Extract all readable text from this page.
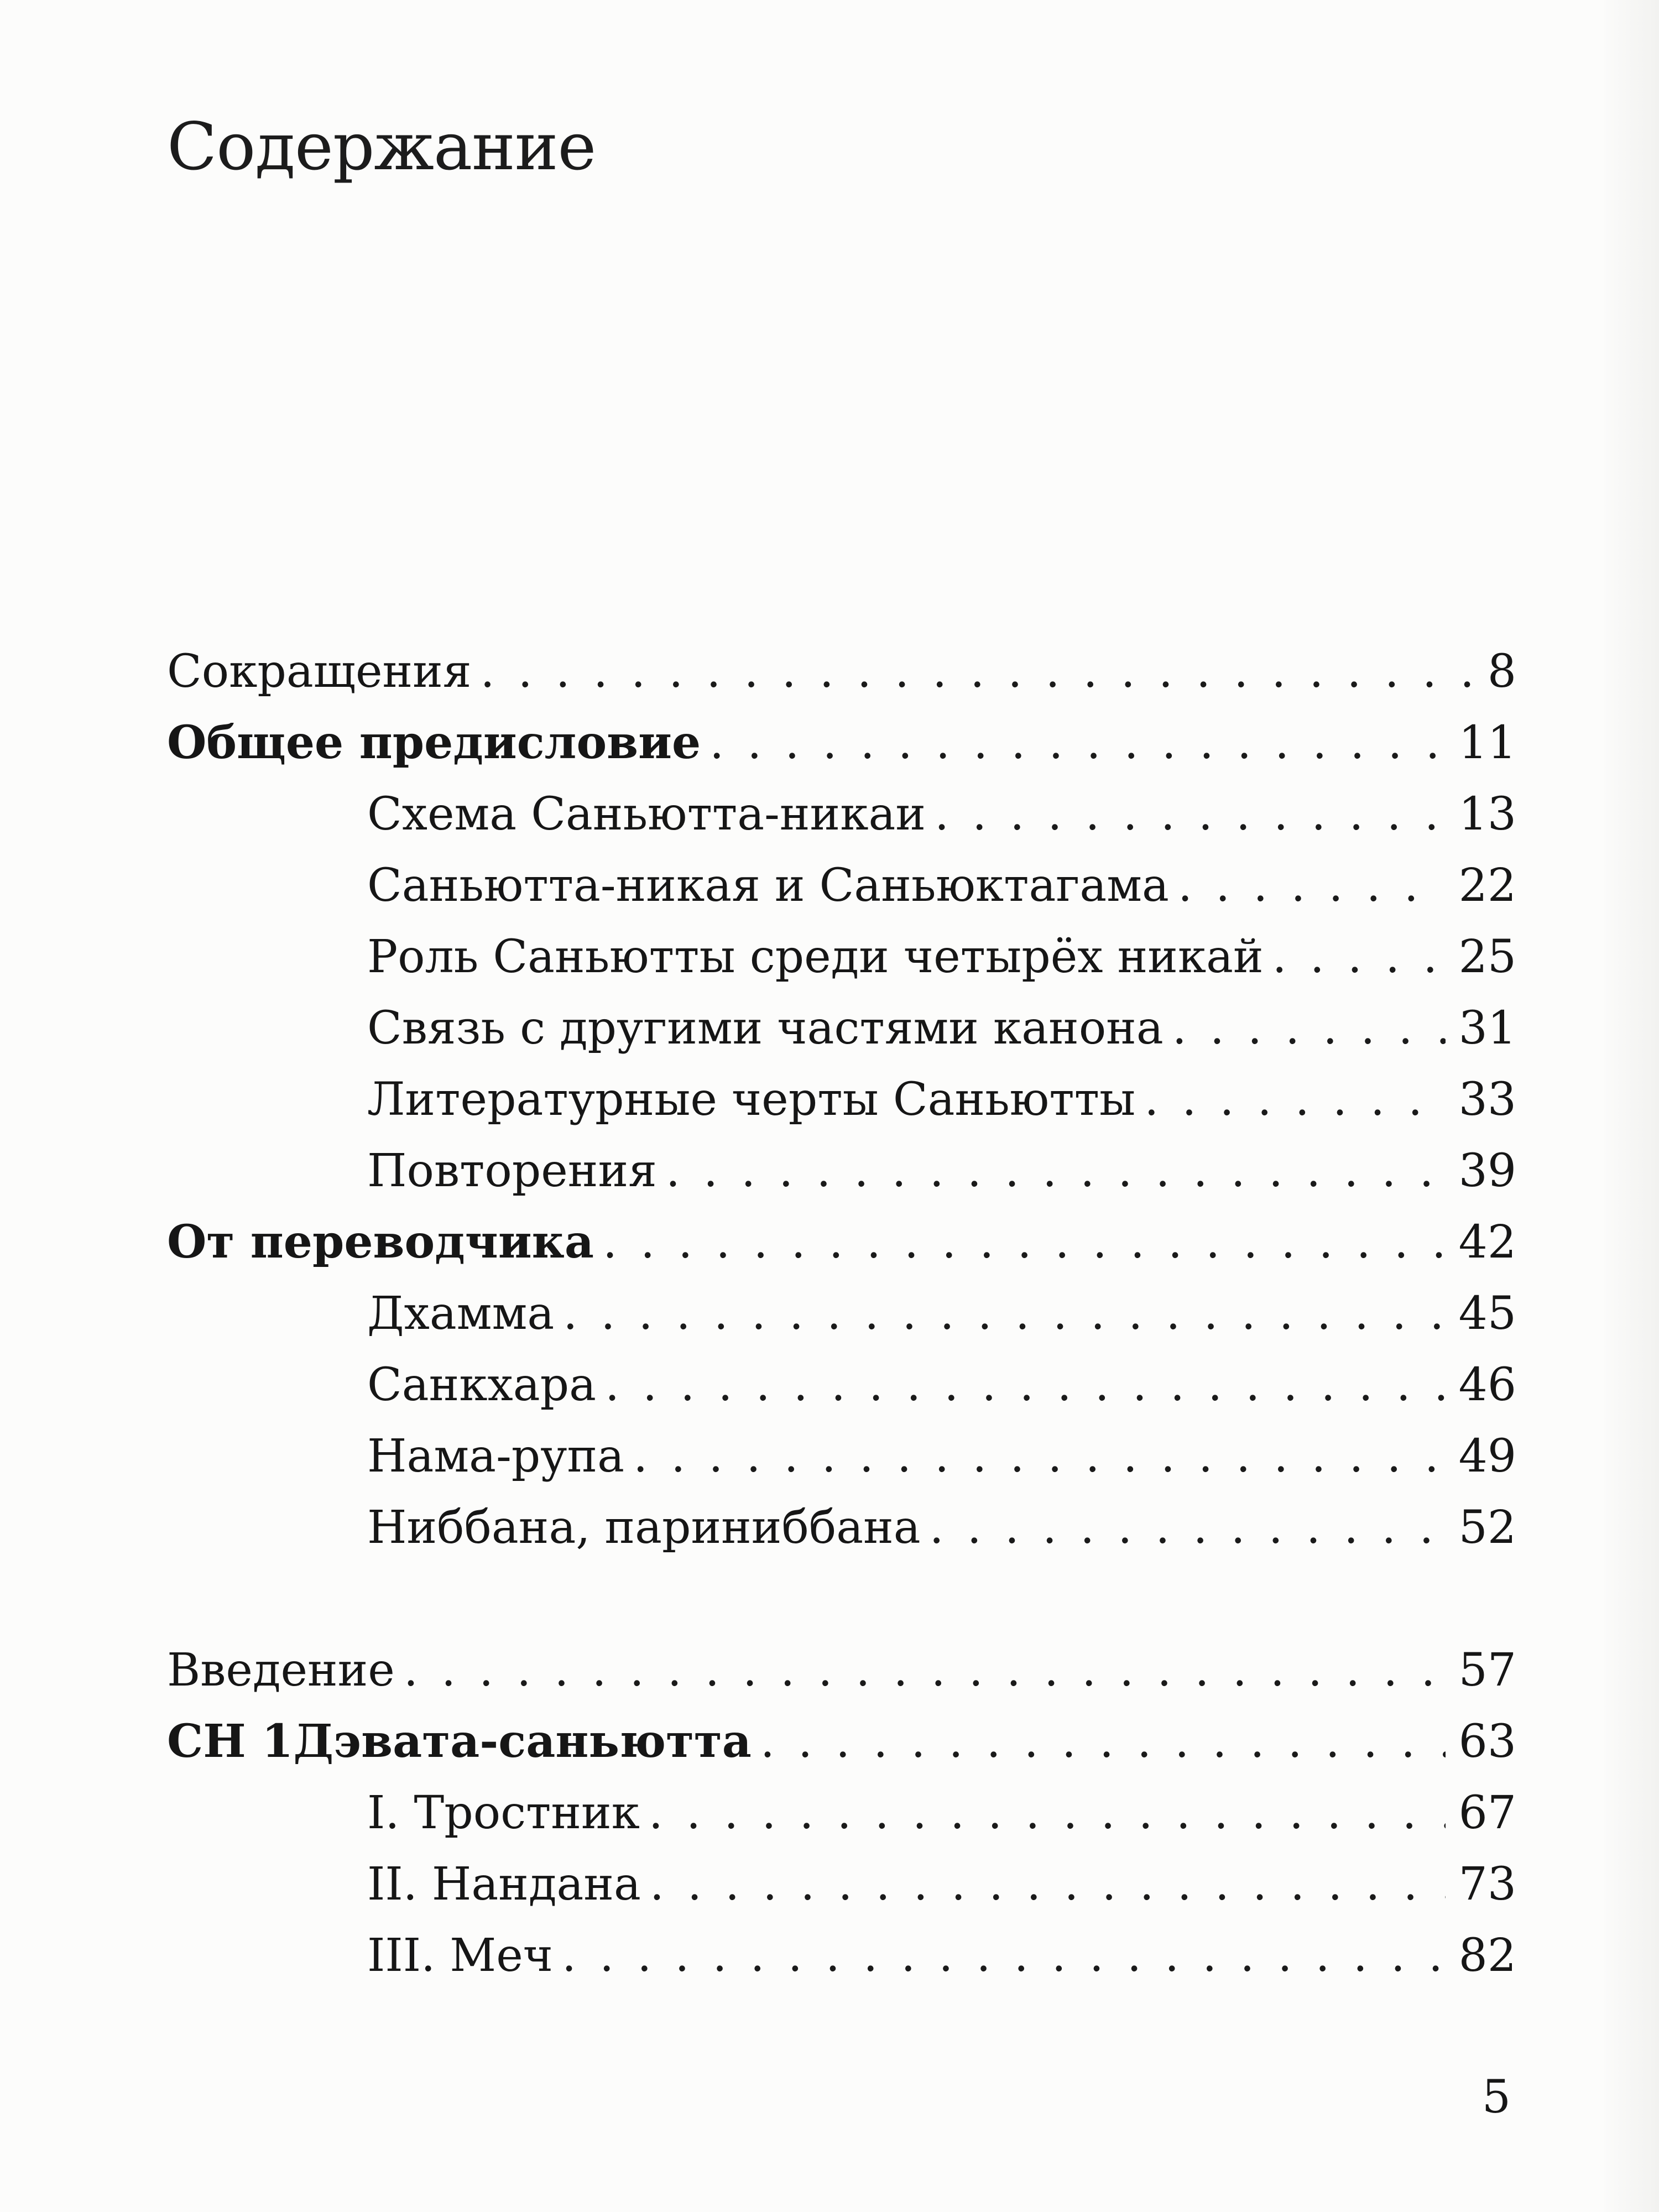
Содержание
Сокращения . . .	8
Общее предисловие . . .	11
Схема Саньютта-никаи . . .	13
Саньютта-никая и Саньюктагама . . .	22
Роль Саньютты среди четырёх никай . . .	25
Связь с другими частями канона . . .	31
Литературные черты Саньютты . . .	33
Повторения . . .	39
От переводчика . . .	42
Дхамма . . .	45
Санкхара . . .	46
Нама-рупа . . .	49
Ниббана, париниббана . . .	52
Введение . . .	57
СН 1 Дэвата-саньютта . . .	63
I. Тростник . . .	67
II. Нандана . . .	73
III. Меч . . .	82
5
